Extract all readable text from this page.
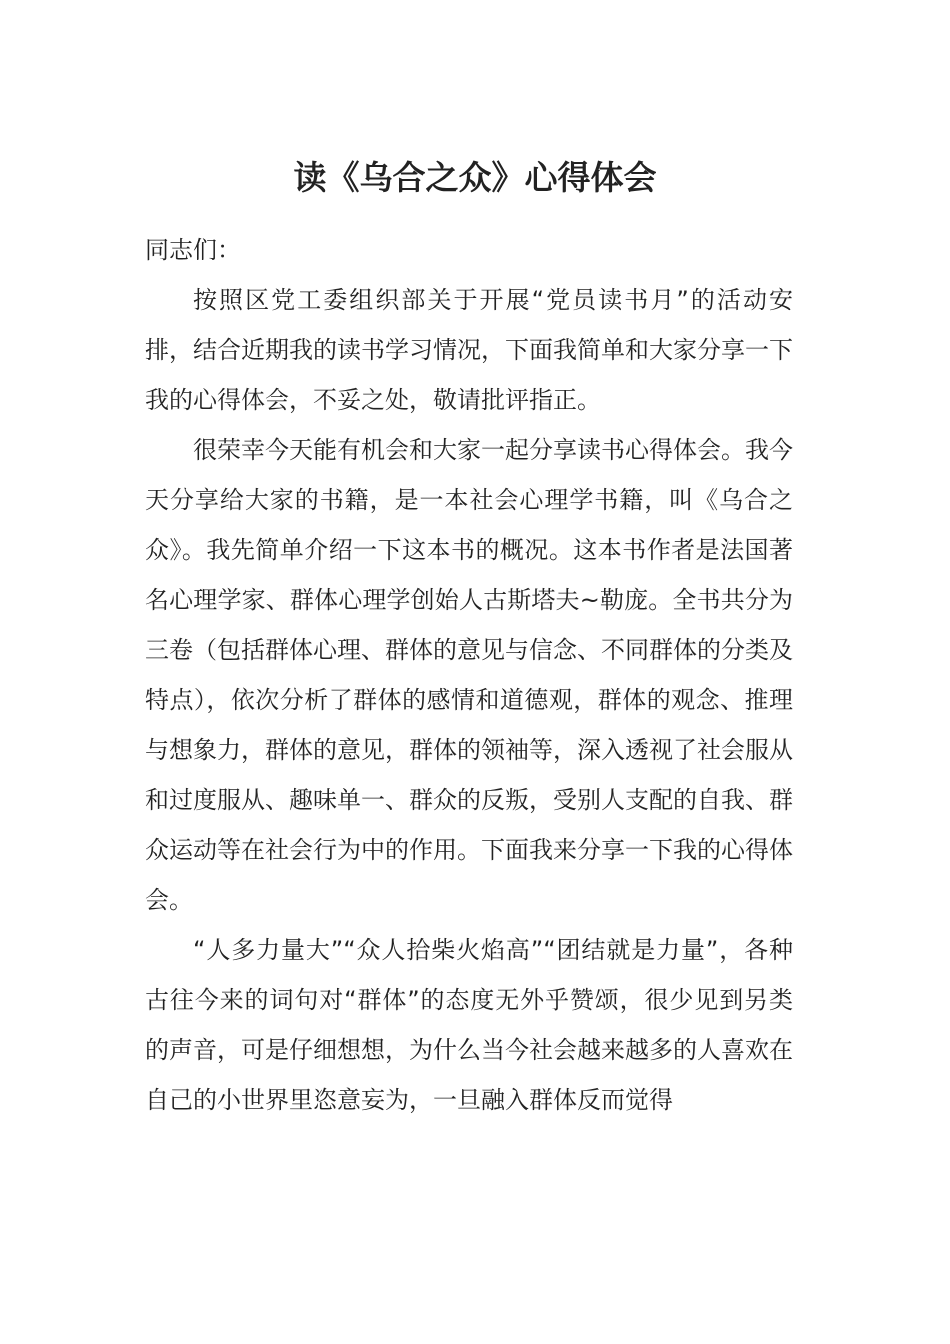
读《乌合之众》心得体会

同志们：

按照区党工委组织部关于开展“党员读书月”的活动安排，结合近期我的读书学习情况，下面我简单和大家分享一下我的心得体会，不妥之处，敬请批评指正。

很荣幸今天能有机会和大家一起分享读书心得体会。我今天分享给大家的书籍，是一本社会心理学书籍，叫《乌合之众》。我先简单介绍一下这本书的概况。这本书作者是法国著名心理学家、群体心理学创始人古斯塔夫~勒庞。全书共分为三卷（包括群体心理、群体的意见与信念、不同群体的分类及特点），依次分析了群体的感情和道德观，群体的观念、推理与想象力，群体的意见，群体的领袖等，深入透视了社会服从和过度服从、趣味单一、群众的反叛，受别人支配的自我、群众运动等在社会行为中的作用。下面我来分享一下我的心得体会。

“人多力量大”“众人拾柴火焰高”“团结就是力量”，各种古往今来的词句对“群体”的态度无外乎赞颂，很少见到另类的声音，可是仔细想想，为什么当今社会越来越多的人喜欢在自己的小世界里恣意妄为，一旦融入群体反而觉得
